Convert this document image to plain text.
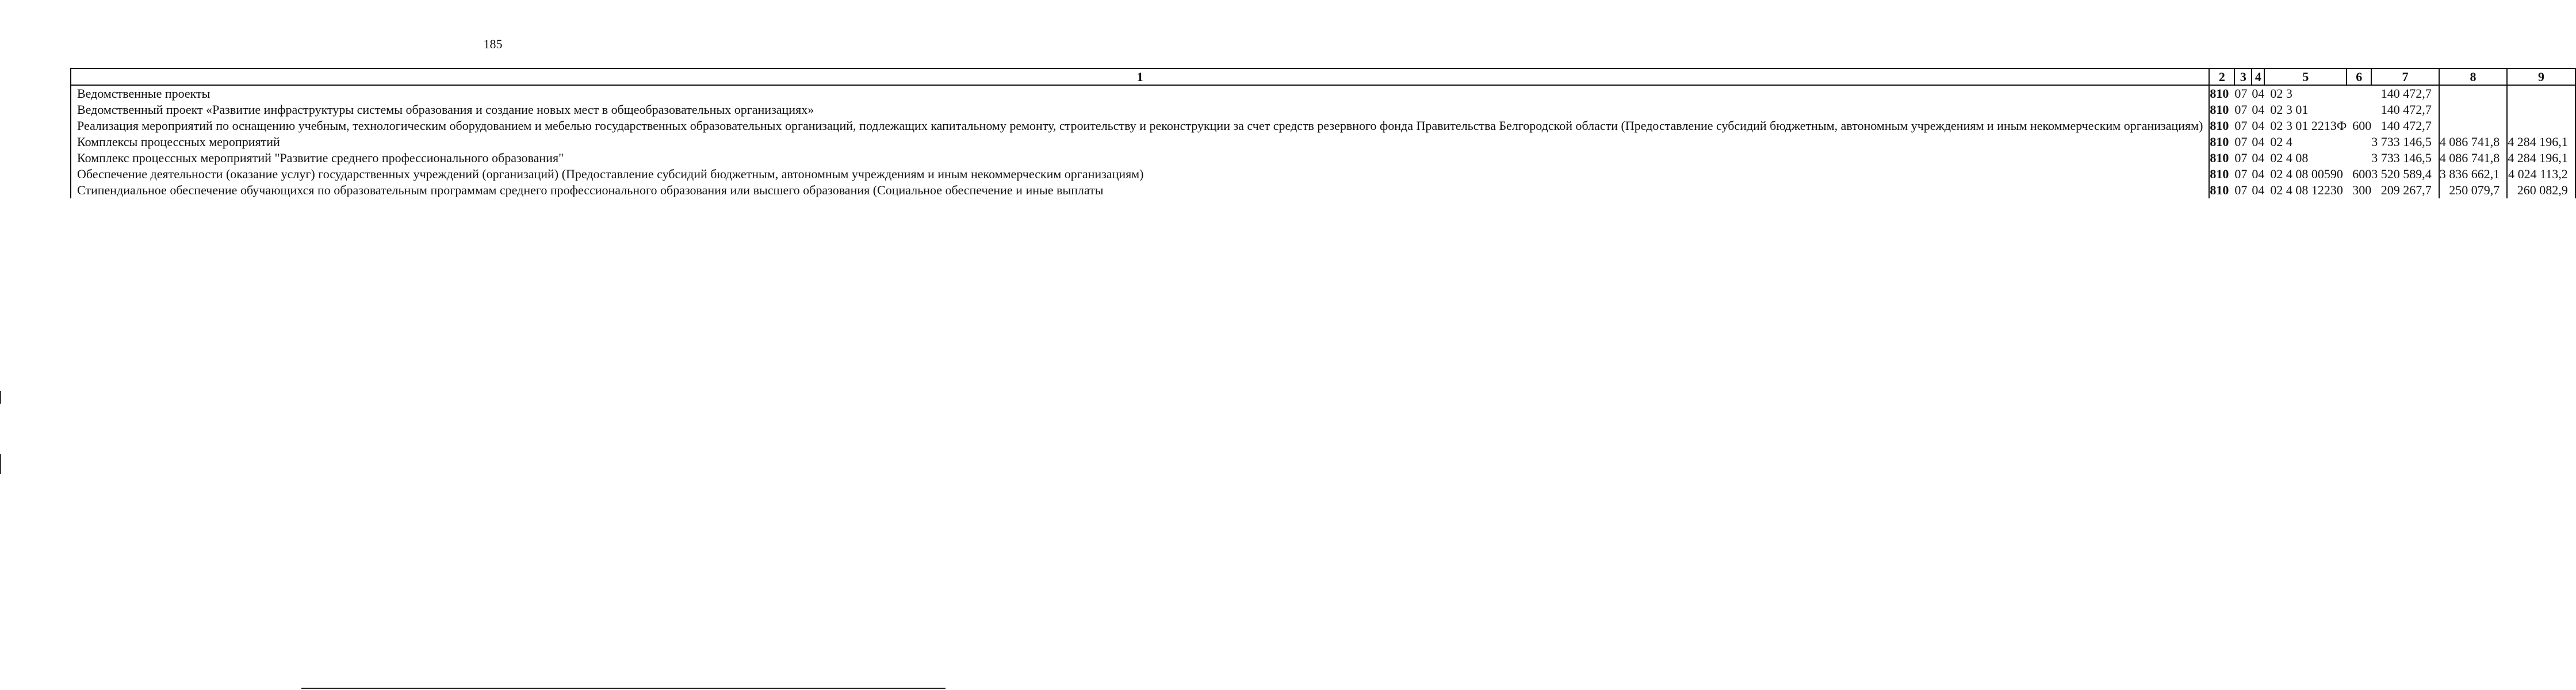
185
1	2	3	4	5	6	7	8	9
Ведомственные проекты	810	07	04	02 3		140 472,7		
Ведомственный проект «Развитие инфраструктуры системы образования и создание новых мест в общеобразовательных организациях»	810	07	04	02 3 01		140 472,7		
Реализация мероприятий по оснащению учебным, технологическим оборудованием и мебелью государственных образовательных организаций, подлежащих капитальному ремонту, строительству и реконструкции за счет средств резервного фонда Правительства Белгородской области (Предоставление субсидий бюджетным, автономным учреждениям и иным некоммерческим организациям)	810	07	04	02 3 01 2213Ф	600	140 472,7		
Комплексы процессных мероприятий	810	07	04	02 4		3 733 146,5	4 086 741,8	4 284 196,1
Комплекс процессных мероприятий "Развитие среднего профессионального образования"	810	07	04	02 4 08		3 733 146,5	4 086 741,8	4 284 196,1
Обеспечение деятельности (оказание услуг) государственных учреждений (организаций) (Предоставление субсидий бюджетным, автономным учреждениям и иным некоммерческим организациям)	810	07	04	02 4 08 00590	600	3 520 589,4	3 836 662,1	4 024 113,2
Стипендиальное обеспечение обучающихся по образовательным программам среднего профессионального образования или высшего образования (Социальное обеспечение и иные выплаты	810	07	04	02 4 08 12230	300	209 267,7	250 079,7	260 082,9
